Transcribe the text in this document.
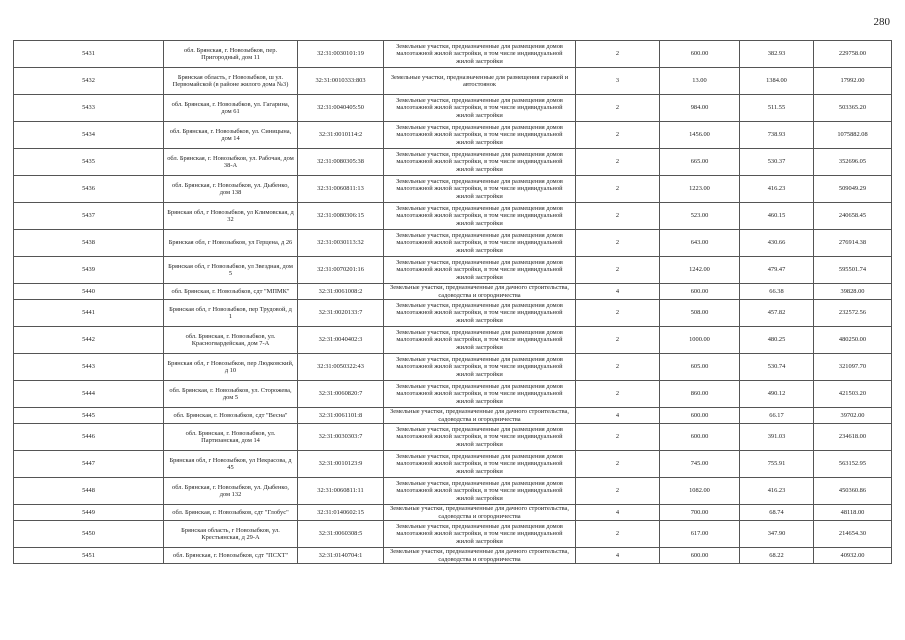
280
5431	обл. Брянская, г. Новозыбков, пер. Пригородный, дом 11	32:31:0030101:19	Земельные участки, предназначенные для размещения домов малоэтажной жилой застройки, в том числе индивидуальной жилой застройки	2	600.00	382.93	229758.00
5432	Брянская область, г Новозыбков, ш ул. Первомайской (в районе жилого дома №3)	32:31:0010333:803	Земельные участки, предназначенные для размещения гаражей и автостоянок	3	13.00	1384.00	17992.00
5433	обл. Брянская, г. Новозыбков, ул. Гагарина, дом 61	32:31:0040405:50	Земельные участки, предназначенные для размещения домов малоэтажной жилой застройки, в том числе индивидуальной жилой застройки	2	984.00	511.55	503365.20
5434	обл. Брянская, г. Новозыбков, ул. Синицына, дом 14	32:31:0010114:2	Земельные участки, предназначенные для размещения домов малоэтажной жилой застройки, в том числе индивидуальной жилой застройки	2	1456.00	738.93	1075882.08
5435	обл. Брянская, г. Новозыбков, ул. Рабочая, дом 38-А	32:31:0080305:38	Земельные участки, предназначенные для размещения домов малоэтажной жилой застройки, в том числе индивидуальной жилой застройки	2	665.00	530.37	352696.05
5436	обл. Брянская, г. Новозыбков, ул. Дыбенко, дом 138	32:31:0060811:13	Земельные участки, предназначенные для размещения домов малоэтажной жилой застройки, в том числе индивидуальной жилой застройки	2	1223.00	416.23	509049.29
5437	Брянская обл, г Новозыбков, ул Климовская, д 32	32:31:0080306:15	Земельные участки, предназначенные для размещения домов малоэтажной жилой застройки, в том числе индивидуальной жилой застройки	2	523.00	460.15	240658.45
5438	Брянская обл, г Новозыбков, ул Герцена, д 26	32:31:0030113:32	Земельные участки, предназначенные для размещения домов малоэтажной жилой застройки, в том числе индивидуальной жилой застройки	2	643.00	430.66	276914.38
5439	Брянская обл, г Новозыбков, ул Звездная, дом 5	32:31:0070201:16	Земельные участки, предназначенные для размещения домов малоэтажной жилой застройки, в том числе индивидуальной жилой застройки	2	1242.00	479.47	595501.74
5440	обл. Брянская, г. Новозыбков, сдт "МПМК"	32:31:0061008:2	Земельные участки, предназначенные для дачного строительства, садоводства и огородничества	4	600.00	66.38	39828.00
5441	Брянская обл, г Новозыбков, пер Трудовой, д 1	32:31:0020133:7	Земельные участки, предназначенные для размещения домов малоэтажной жилой застройки, в том числе индивидуальной жилой застройки	2	508.00	457.82	232572.56
5442	обл. Брянская, г. Новозыбков, ул. Красногвардейская, дом 7-А	32:31:0040402:3	Земельные участки, предназначенные для размещения домов малоэтажной жилой застройки, в том числе индивидуальной жилой застройки	2	1000.00	480.25	480250.00
5443	Брянская обл, г Новозыбков, пер Людковский, д 10	32:31:0050322:43	Земельные участки, предназначенные для размещения домов малоэтажной жилой застройки, в том числе индивидуальной жилой застройки	2	605.00	530.74	321097.70
5444	обл. Брянская, г. Новозыбков, ул. Сторожева, дом 5	32:31:0060820:7	Земельные участки, предназначенные для размещения домов малоэтажной жилой застройки, в том числе индивидуальной жилой застройки	2	860.00	490.12	421503.20
5445	обл. Брянская, г. Новозыбков, сдт "Весна"	32:31:0061101:8	Земельные участки, предназначенные для дачного строительства, садоводства и огородничества	4	600.00	66.17	39702.00
5446	обл. Брянская, г. Новозыбков, ул. Партизанская, дом 14	32:31:0030303:7	Земельные участки, предназначенные для размещения домов малоэтажной жилой застройки, в том числе индивидуальной жилой застройки	2	600.00	391.03	234618.00
5447	Брянская обл, г Новозыбков, ул Некрасова, д 45	32:31:0010123:9	Земельные участки, предназначенные для размещения домов малоэтажной жилой застройки, в том числе индивидуальной жилой застройки	2	745.00	755.91	563152.95
5448	обл. Брянская, г. Новозыбков, ул. Дыбенко, дом 132	32:31:0060811:11	Земельные участки, предназначенные для размещения домов малоэтажной жилой застройки, в том числе индивидуальной жилой застройки	2	1082.00	416.23	450360.86
5449	обл. Брянская, г. Новозыбков, сдт "Глобус"	32:31:0140602:15	Земельные участки, предназначенные для дачного строительства, садоводства и огородничества	4	700.00	68.74	48118.00
5450	Брянская область, г Новозыбков, ул. Крестьянская, д 29-А	32:31:0060308:5	Земельные участки, предназначенные для размещения домов малоэтажной жилой застройки, в том числе индивидуальной жилой застройки	2	617.00	347.90	214654.30
5451	обл. Брянская, г. Новозыбков, сдт "ПСХТ"	32:31:0140704:1	Земельные участки, предназначенные для дачного строительства, садоводства и огородничества	4	600.00	68.22	40932.00
